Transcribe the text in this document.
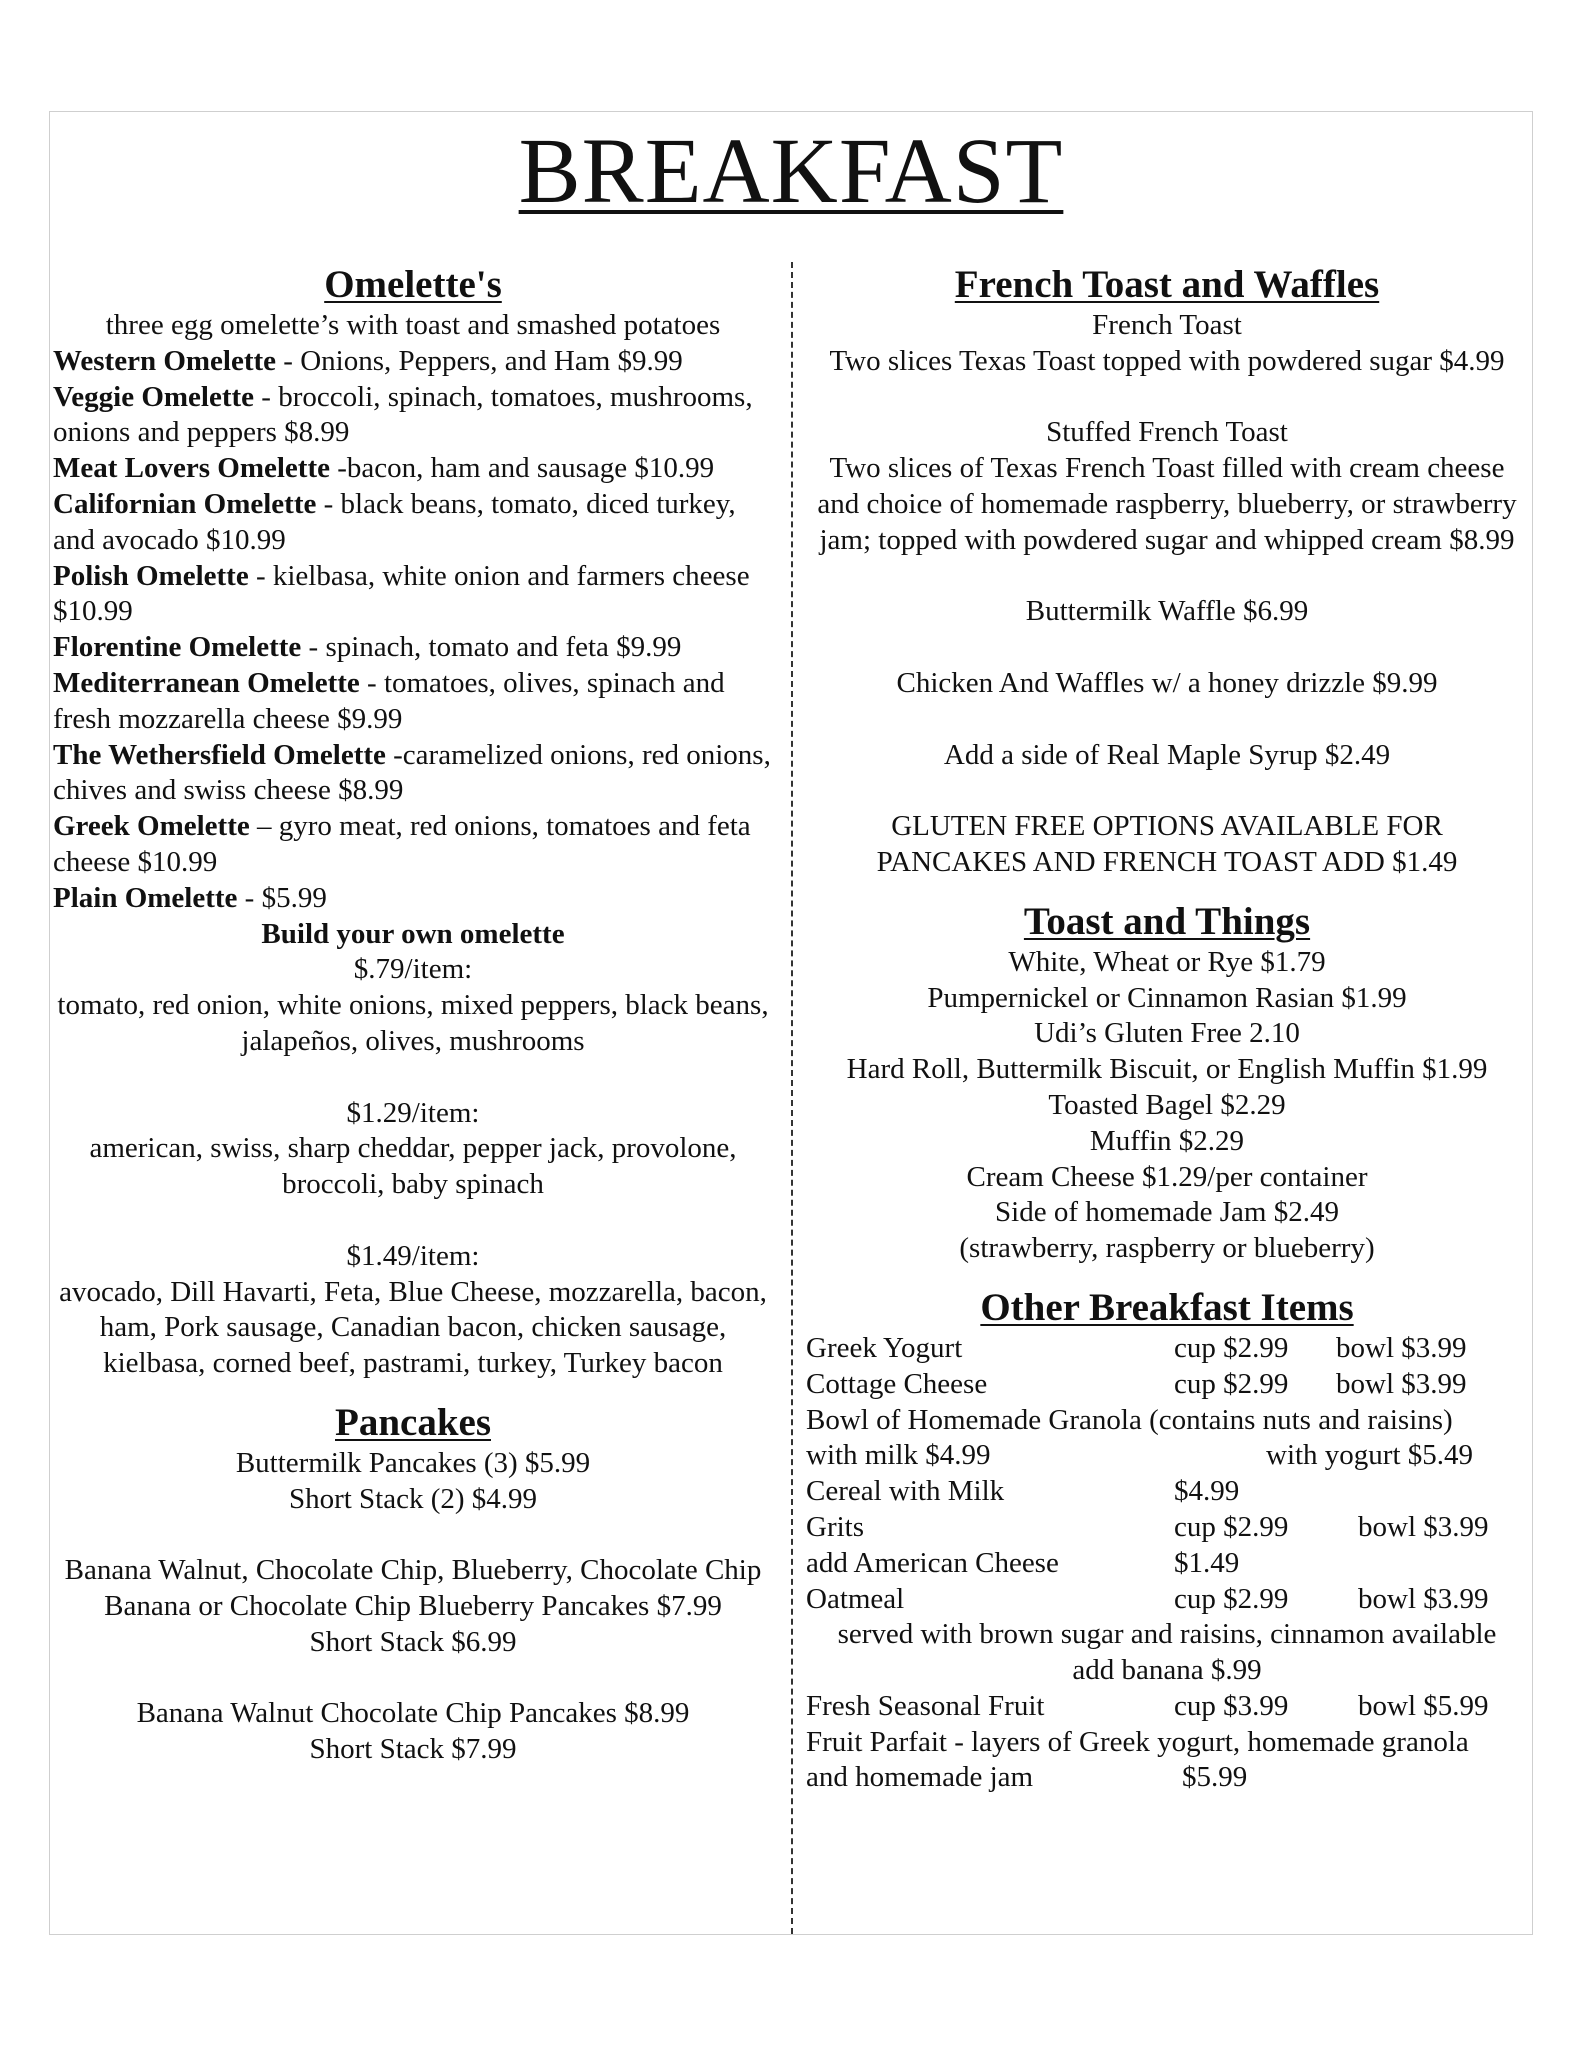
BREAKFAST
Omelette's
three egg omelette’s with toast and smashed potatoes
Western Omelette - Onions, Peppers, and Ham $9.99
Veggie Omelette - broccoli, spinach, tomatoes, mushrooms, onions and peppers $8.99
Meat Lovers Omelette -bacon, ham and sausage $10.99
Californian Omelette - black beans, tomato, diced turkey, and avocado $10.99
Polish Omelette - kielbasa, white onion and farmers cheese $10.99
Florentine Omelette - spinach, tomato and feta $9.99
Mediterranean Omelette - tomatoes, olives, spinach and fresh mozzarella cheese $9.99
The Wethersfield Omelette -caramelized onions, red onions, chives and swiss cheese $8.99
Greek Omelette – gyro meat, red onions, tomatoes and feta cheese $10.99
Plain Omelette - $5.99
Build your own omelette
$.79/item:
tomato, red onion, white onions, mixed peppers, black beans, jalapeños, olives, mushrooms
$1.29/item:
american, swiss, sharp cheddar, pepper jack, provolone, broccoli, baby spinach
$1.49/item:
avocado, Dill Havarti, Feta, Blue Cheese, mozzarella, bacon, ham, Pork sausage, Canadian bacon, chicken sausage, kielbasa, corned beef, pastrami, turkey, Turkey bacon
Pancakes
Buttermilk Pancakes (3) $5.99
Short Stack (2) $4.99
Banana Walnut, Chocolate Chip, Blueberry, Chocolate Chip Banana or Chocolate Chip Blueberry Pancakes $7.99
Short Stack $6.99
Banana Walnut Chocolate Chip Pancakes $8.99
Short Stack $7.99
French Toast and Waffles
French Toast
Two slices Texas Toast topped with powdered sugar $4.99
Stuffed French Toast
Two slices of Texas French Toast filled with cream cheese and choice of homemade raspberry, blueberry, or strawberry jam; topped with powdered sugar and whipped cream $8.99
Buttermilk Waffle $6.99
Chicken And Waffles w/ a honey drizzle $9.99
Add a side of Real Maple Syrup $2.49
GLUTEN FREE OPTIONS AVAILABLE FOR PANCAKES AND FRENCH TOAST ADD $1.49
Toast and Things
White, Wheat or Rye $1.79
Pumpernickel or Cinnamon Rasian $1.99
Udi’s Gluten Free 2.10
Hard Roll, Buttermilk Biscuit, or English Muffin $1.99
Toasted Bagel $2.29
Muffin $2.29
Cream Cheese $1.29/per container
Side of homemade Jam $2.49
(strawberry, raspberry or blueberry)
Other Breakfast Items
Greek Yogurt	cup $2.99	bowl $3.99
Cottage Cheese	cup $2.99	bowl $3.99
Bowl of Homemade Granola (contains nuts and raisins)
with milk $4.99	with yogurt $5.49
Cereal with Milk	$4.99
Grits	cup $2.99	bowl $3.99
add American Cheese	$1.49
Oatmeal	cup $2.99	bowl $3.99
served with brown sugar and raisins, cinnamon available
add banana $.99
Fresh Seasonal Fruit	cup $3.99	bowl $5.99
Fruit Parfait - layers of Greek yogurt, homemade granola
and homemade jam	$5.99
